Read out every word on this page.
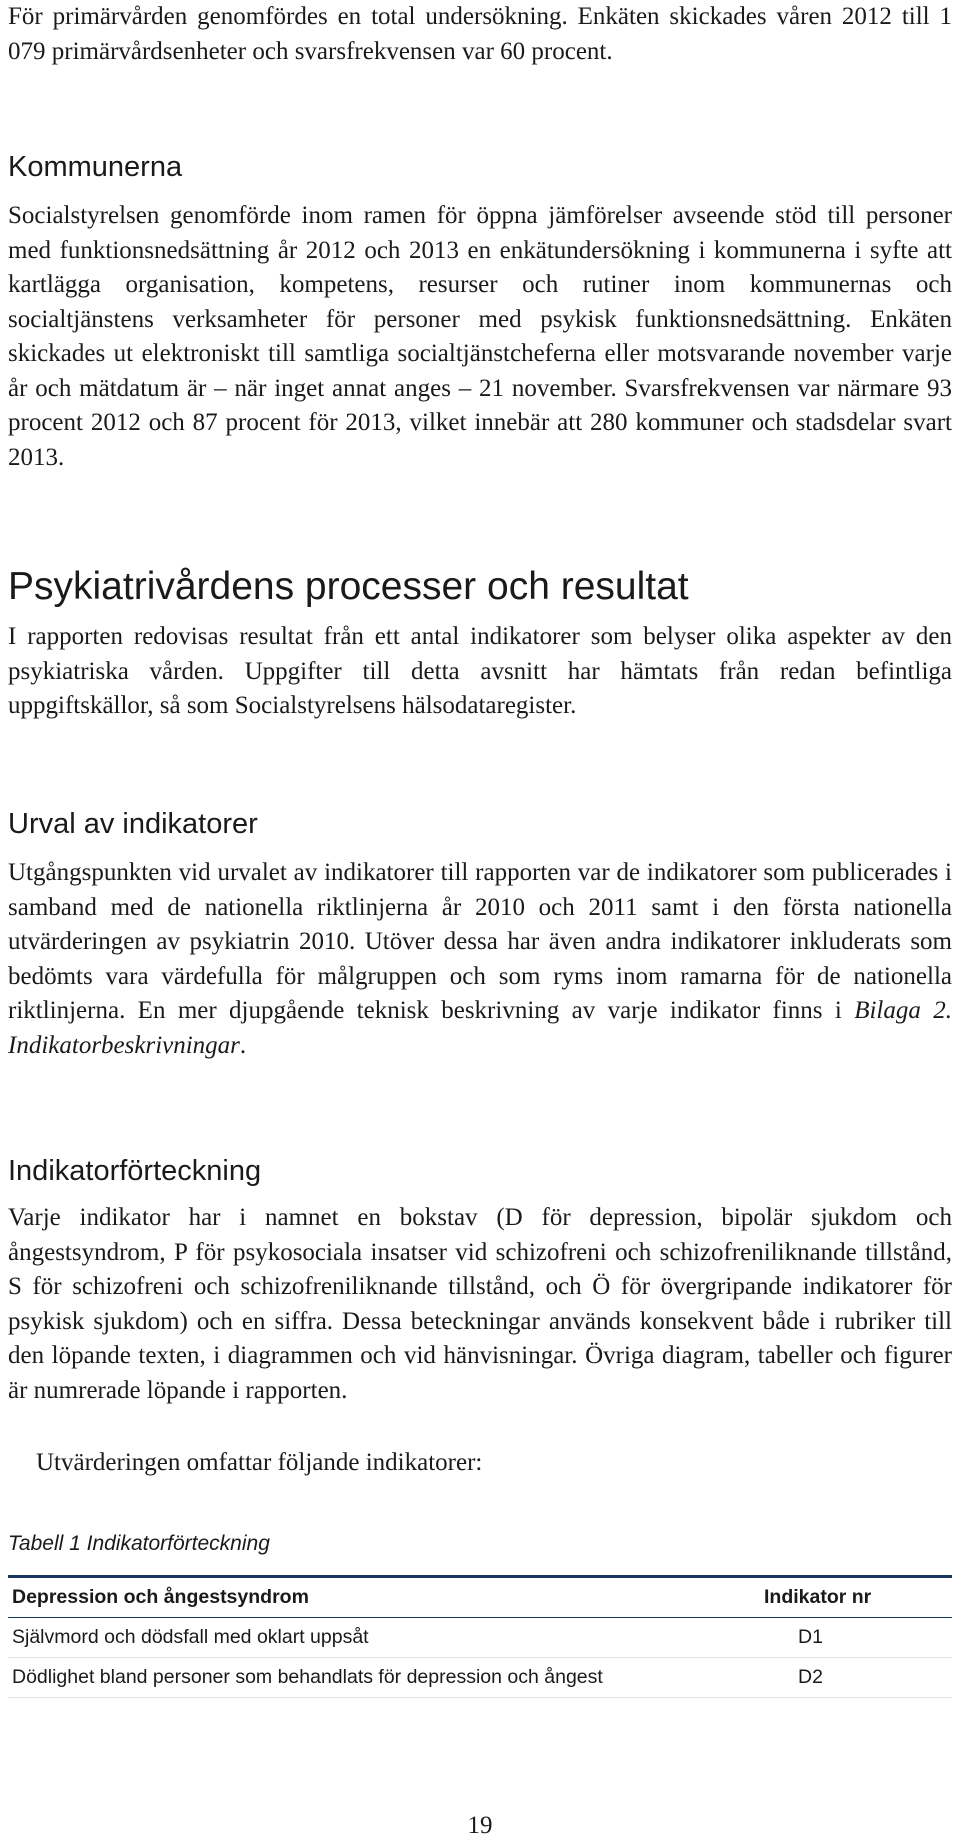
För primärvården genomfördes en total undersökning. Enkäten skickades våren 2012 till 1 079 primärvårdsenheter och svarsfrekvensen var 60 procent.

Kommunerna

Socialstyrelsen genomförde inom ramen för öppna jämförelser avseende stöd till personer med funktionsnedsättning år 2012 och 2013 en enkätundersökning i kommunerna i syfte att kartlägga organisation, kompetens, resurser och rutiner inom kommunernas och socialtjänstens verksamheter för personer med psykisk funktionsnedsättning. Enkäten skickades ut elektroniskt till samtliga socialtjänstcheferna eller motsvarande november varje år och mätdatum är – när inget annat anges – 21 november. Svarsfrekvensen var närmare 93 procent 2012 och 87 procent för 2013, vilket innebär att 280 kommuner och stadsdelar svart 2013.

Psykiatrivårdens processer och resultat

I rapporten redovisas resultat från ett antal indikatorer som belyser olika aspekter av den psykiatriska vården. Uppgifter till detta avsnitt har hämtats från redan befintliga uppgiftskällor, så som Socialstyrelsens hälsodataregister.

Urval av indikatorer

Utgångspunkten vid urvalet av indikatorer till rapporten var de indikatorer som publicerades i samband med de nationella riktlinjerna år 2010 och 2011 samt i den första nationella utvärderingen av psykiatrin 2010. Utöver dessa har även andra indikatorer inkluderats som bedömts vara värdefulla för målgruppen och som ryms inom ramarna för de nationella riktlinjerna. En mer djupgående teknisk beskrivning av varje indikator finns i Bilaga 2. Indikatorbeskrivningar.

Indikatorförteckning

Varje indikator har i namnet en bokstav (D för depression, bipolär sjukdom och ångestsyndrom, P för psykosociala insatser vid schizofreni och schizofreniliknande tillstånd, S för schizofreni och schizofreniliknande tillstånd, och Ö för övergripande indikatorer för psykisk sjukdom) och en siffra. Dessa beteckningar används konsekvent både i rubriker till den löpande texten, i diagrammen och vid hänvisningar. Övriga diagram, tabeller och figurer är numrerade löpande i rapporten.

Utvärderingen omfattar följande indikatorer:

Tabell 1 Indikatorförteckning

Depression och ångestsyndrom	Indikator nr
Självmord och dödsfall med oklart uppsåt	D1
Dödlighet bland personer som behandlats för depression och ångest	D2
19
